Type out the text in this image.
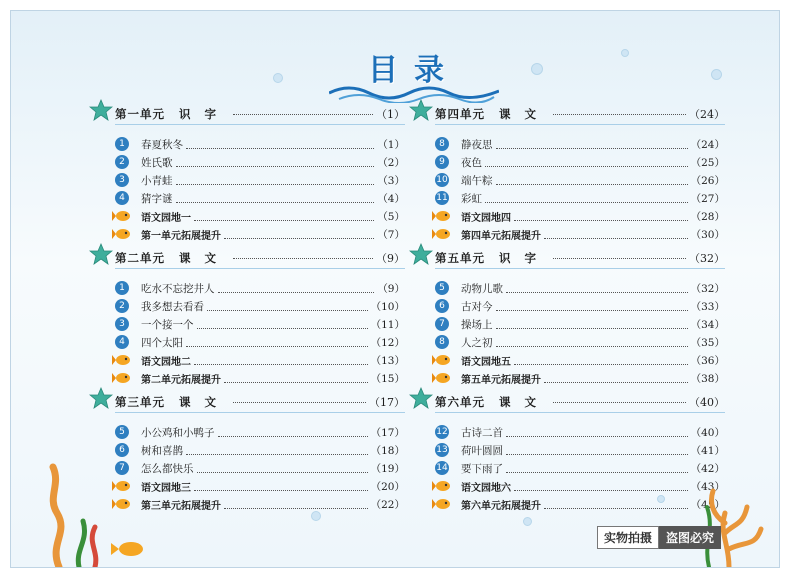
目录
第一单元 识字	（1）
1	春夏秋冬	（1）
2	姓氏歌	（2）
3	小青蛙	（3）
4	猜字谜	（4）
语文园地一	（5）
第一单元拓展提升	（7）
第二单元 课文	（9）
1	吃水不忘挖井人	（9）
2	我多想去看看	（10）
3	一个接一个	（11）
4	四个太阳	（12）
语文园地二	（13）
第二单元拓展提升	（15）
第三单元 课文	（17）
5	小公鸡和小鸭子	（17）
6	树和喜鹊	（18）
7	怎么都快乐	（19）
语文园地三	（20）
第三单元拓展提升	（22）
第四单元 课文	（24）
8	静夜思	（24）
9	夜色	（25）
10 端午粽	（26）
11 彩虹	（27）
语文园地四	（28）
第四单元拓展提升	（30）
第五单元 识字	（32）
5	动物儿歌	（32）
6	古对今	（33）
7	操场上	（34）
8	人之初	（35）
语文园地五	（36）
第五单元拓展提升	（38）
第六单元 课文	（40）
12 古诗二首	（40）
13 荷叶圆圆	（41）
14 要下雨了	（42）
语文园地六	（43）
第六单元拓展提升	（45）
实物拍摄	盗图必究
